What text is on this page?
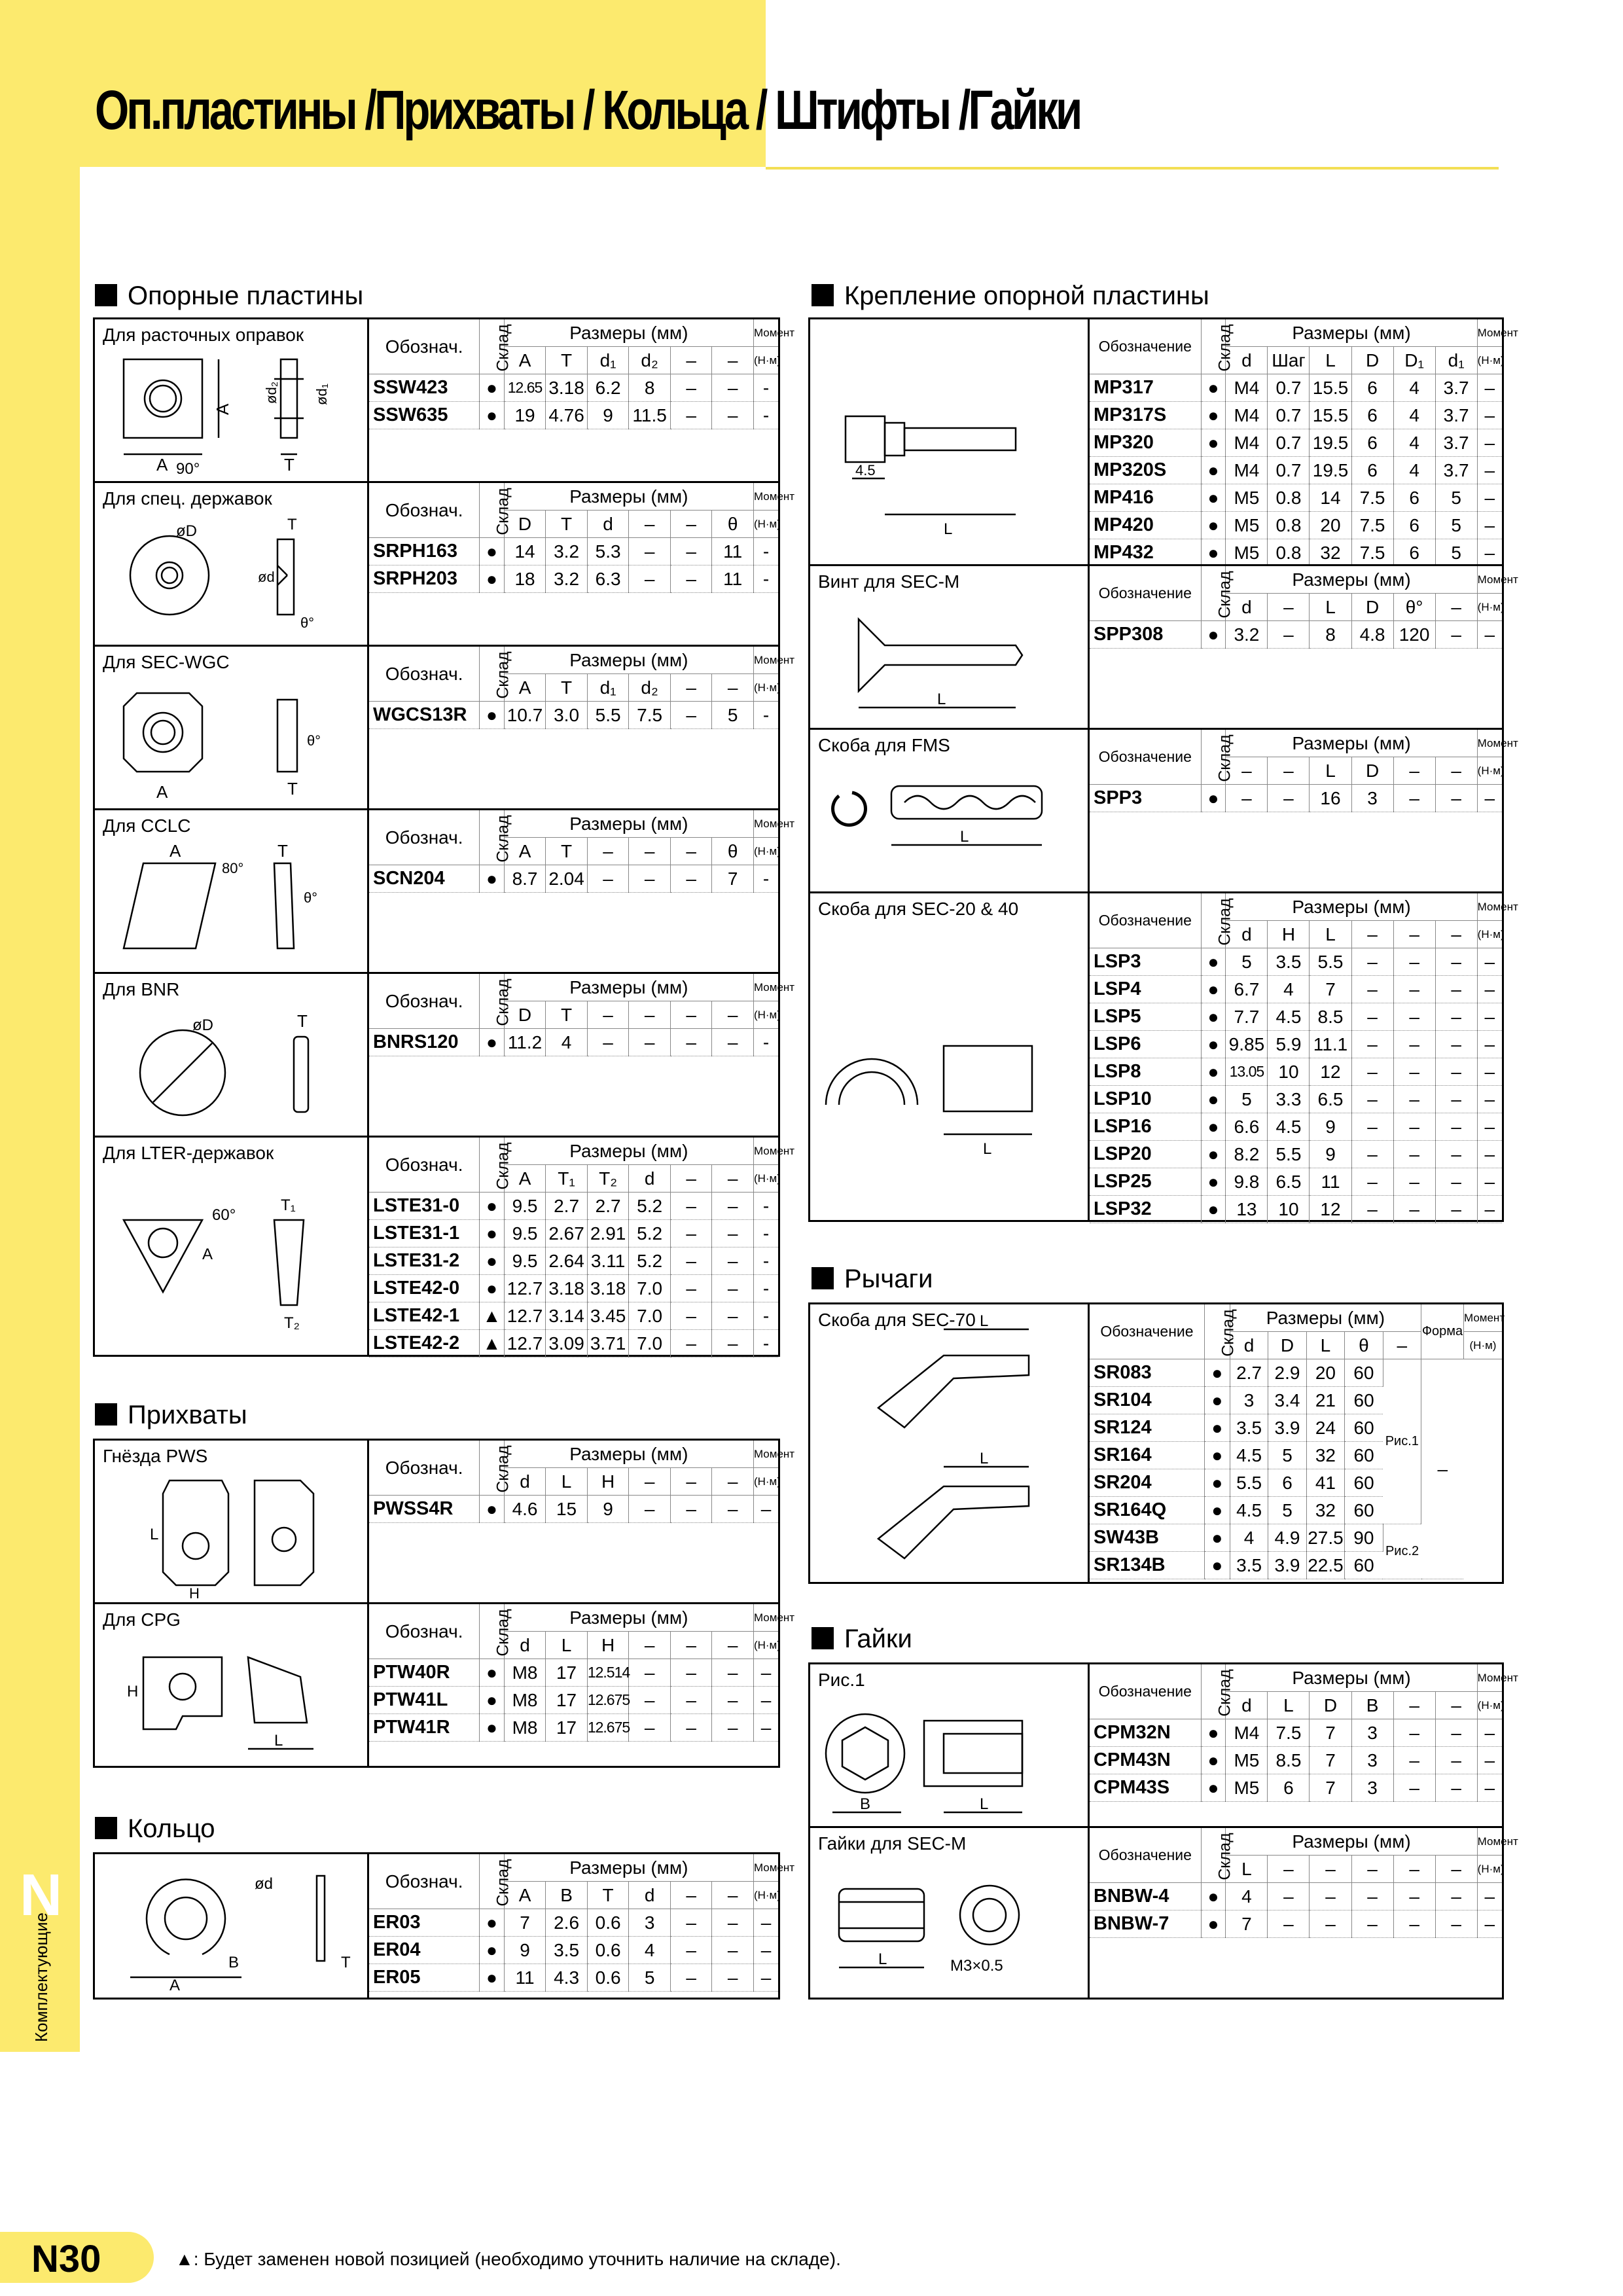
Оп.пластины /Прихваты / Кольца / Штифты /Гайки
N
Комплектующие
Опорные пластины
Прихваты
Кольцо
Крепление опорной пластины
Рычаги
Гайки
Для расточных оправок
A
A
90°	T
ød₂ ød₁
Обознач.	Склад	Размеры (мм)						Момент
		A	T	d₁	d₂	–	–	(Н·м)
SSW423	●	12.65	3.18	6.2	8	–	–	-
SSW635	●	19	4.76	9	11.5	–	–	-
Для спец. державок
øD	T
ød
θ°
Обознач.	Склад	Размеры (мм)						Момент
		D	T	d	–	–	θ	(Н·м)
SRPH163	●	14	3.2	5.3	–	–	11	-
SRPH203	●	18	3.2	6.3	–	–	11	-
Для SEC-WGC
A	T
θ°
Обознач.	Склад	Размеры (мм)						Момент
		A	T	d₁	d₂	–	–	(Н·м)
WGCS13R	●	10.7	3.0	5.5	7.5	–	5	-
Для CCLC
A
80°
T
θ°
Обознач.	Склад	Размеры (мм)						Момент
		A	T	–	–	–	θ	(Н·м)
SCN204	●	8.7	2.04	–	–	–	7	-
Для BNR
øD	T
Обознач.	Склад	Размеры (мм)						Момент
		D	T	–	–	–	–	(Н·м)
BNRS120	●	11.2	4	–	–	–	–	-
Для LTER-державок
60°
T₁
T₂
A
Обознач.	Склад	Размеры (мм)						Момент
		A	T₁	T₂	d	–	–	(Н·м)
LSTE31-0	●	9.5	2.7	2.7	5.2	–	–	-
LSTE31-1	●	9.5	2.67	2.91	5.2	–	–	-
LSTE31-2	●	9.5	2.64	3.11	5.2	–	–	-
LSTE42-0	●	12.7	3.18	3.18	7.0	–	–	-
LSTE42-1	▲	12.7	3.14	3.45	7.0	–	–	-
LSTE42-2	▲	12.7	3.09	3.71	7.0	–	–	-
Гнёзда PWS
L
H
Обознач.	Склад	Размеры (мм)						Момент
		d	L	H	–	–	–	(Н·м)
PWSS4R	●	4.6	15	9	–	–	–	–
Для CPG
H
L
Обознач.	Склад	Размеры (мм)						Момент
		d	L	H	–	–	–	(Н·м)
PTW40R	●	M8	17	12.514	–	–	–	–
PTW41L	●	M8	17	12.675	–	–	–	–
PTW41R	●	M8	17	12.675	–	–	–	–
ød
B
A
T
Обознач.	Склад	Размеры (мм)						Момент
		A	B	T	d	–	–	(Н·м)
ER03	●	7	2.6	0.6	3	–	–	–
ER04	●	9	3.5	0.6	4	–	–	–
ER05	●	11	4.3	0.6	5	–	–	–
4.5
L
Обозначение	Склад	Размеры (мм)						Момент
		d	Шаг	L	D	D₁	d₁	(Н·м)
MP317	●	M4	0.7	15.5	6	4	3.7	–
MP317S	●	M4	0.7	15.5	6	4	3.7	–
MP320	●	M4	0.7	19.5	6	4	3.7	–
MP320S	●	M4	0.7	19.5	6	4	3.7	–
MP416	●	M5	0.8	14	7.5	6	5	–
MP420	●	M5	0.8	20	7.5	6	5	–
MP432	●	M5	0.8	32	7.5	6	5	–
Винт для SEC-M
L
Обозначение	Склад	Размеры (мм)						Момент
		d	–	L	D	θ°	–	(Н·м)
SPP308	●	3.2	–	8	4.8	120	–	–
Скоба для FMS
L
Обозначение	Склад	Размеры (мм)						Момент
		–	–	L	D	–	–	(Н·м)
SPP3	●	–	–	16	3	–	–	–
Скоба для SEC-20 & 40
L
Обозначение	Склад	Размеры (мм)						Момент
		d	H	L	–	–	–	(Н·м)
LSP3	●	5	3.5	5.5	–	–	–	–
LSP4	●	6.7	4	7	–	–	–	–
LSP5	●	7.7	4.5	8.5	–	–	–	–
LSP6	●	9.85	5.9	11.1	–	–	–	–
LSP8	●	13.05	10	12	–	–	–	–
LSP10	●	5	3.3	6.5	–	–	–	–
LSP16	●	6.6	4.5	9	–	–	–	–
LSP20	●	8.2	5.5	9	–	–	–	–
LSP25	●	9.8	6.5	11	–	–	–	–
LSP32	●	13	10	12	–	–	–	–
Скоба для SEC-70 L
L
Обозначение	Склад	Размеры (мм)					Форма	Момент
		d	D	L	θ	–		(Н·м)
SR083	●	2.7	2.9	20	60	Рис.1	–	
SR104	●	3	3.4	21	60			
SR124	●	3.5	3.9	24	60			
SR164	●	4.5	5	32	60			
SR204	●	5.5	6	41	60			
SR164Q	●	4.5	5	32	60			
SW43B	●	4	4.9	27.5	90	Рис.2		
SR134B	●	3.5	3.9	22.5	60			
Рис.1
B	L
Обозначение	Склад	Размеры (мм)						Момент
		d	L	D	B	–	–	(Н·м)
CPM32N	●	M4	7.5	7	3	–	–	–
CPM43N	●	M5	8.5	7	3	–	–	–
CPM43S	●	M5	6	7	3	–	–	–
Гайки для SEC-M
L	M3×0.5
Обозначение	Склад	Размеры (мм)						Момент
		L	–	–	–	–	–	(Н·м)
BNBW-4	●	4	–	–	–	–	–	–
BNBW-7	●	7	–	–	–	–	–	–
N30	▲: Будет заменен новой позицией (необходимо уточнить наличие на складе).
